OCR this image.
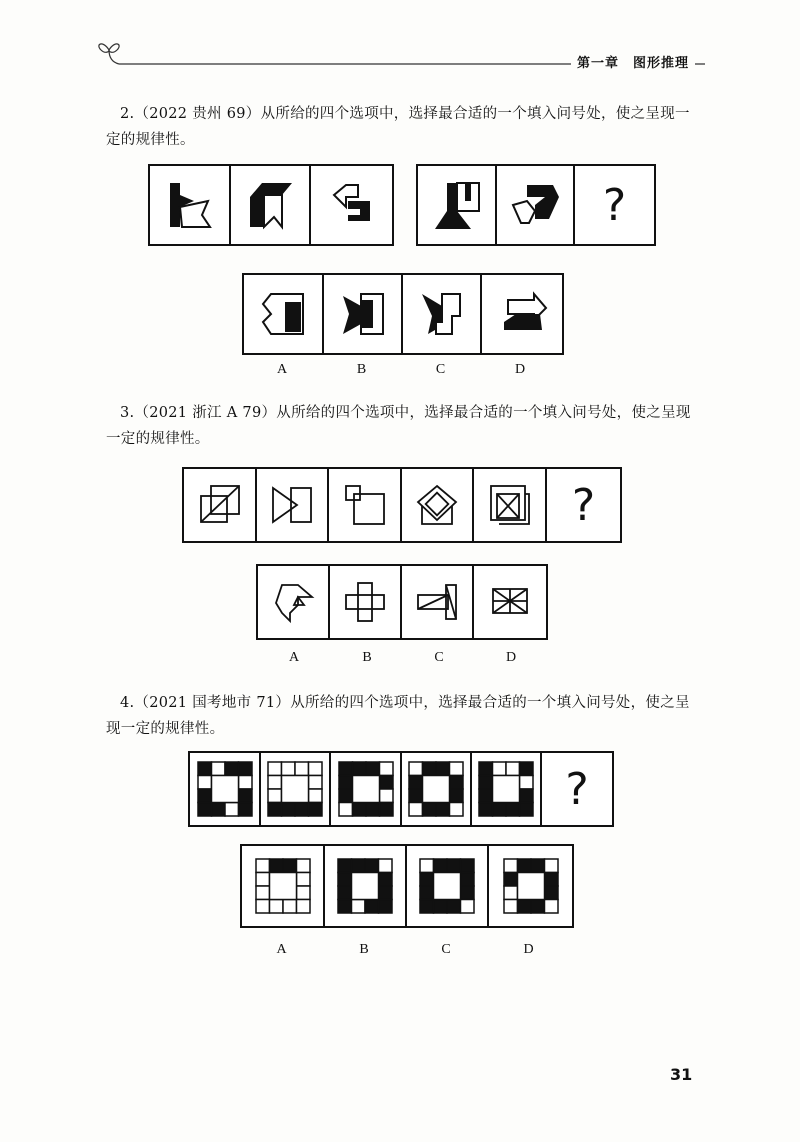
第一章　图形推理
2.（2022 贵州 69）从所给的四个选项中，选择最合适的一个填入问号处，使之呈现一定的规律性。
?
A	B	C	D
3.（2021 浙江 A 79）从所给的四个选项中，选择最合适的一个填入问号处，使之呈现一定的规律性。
?
A	B	C	D
4.（2021 国考地市 71）从所给的四个选项中，选择最合适的一个填入问号处，使之呈现一定的规律性。
?
A	B	C	D
31
